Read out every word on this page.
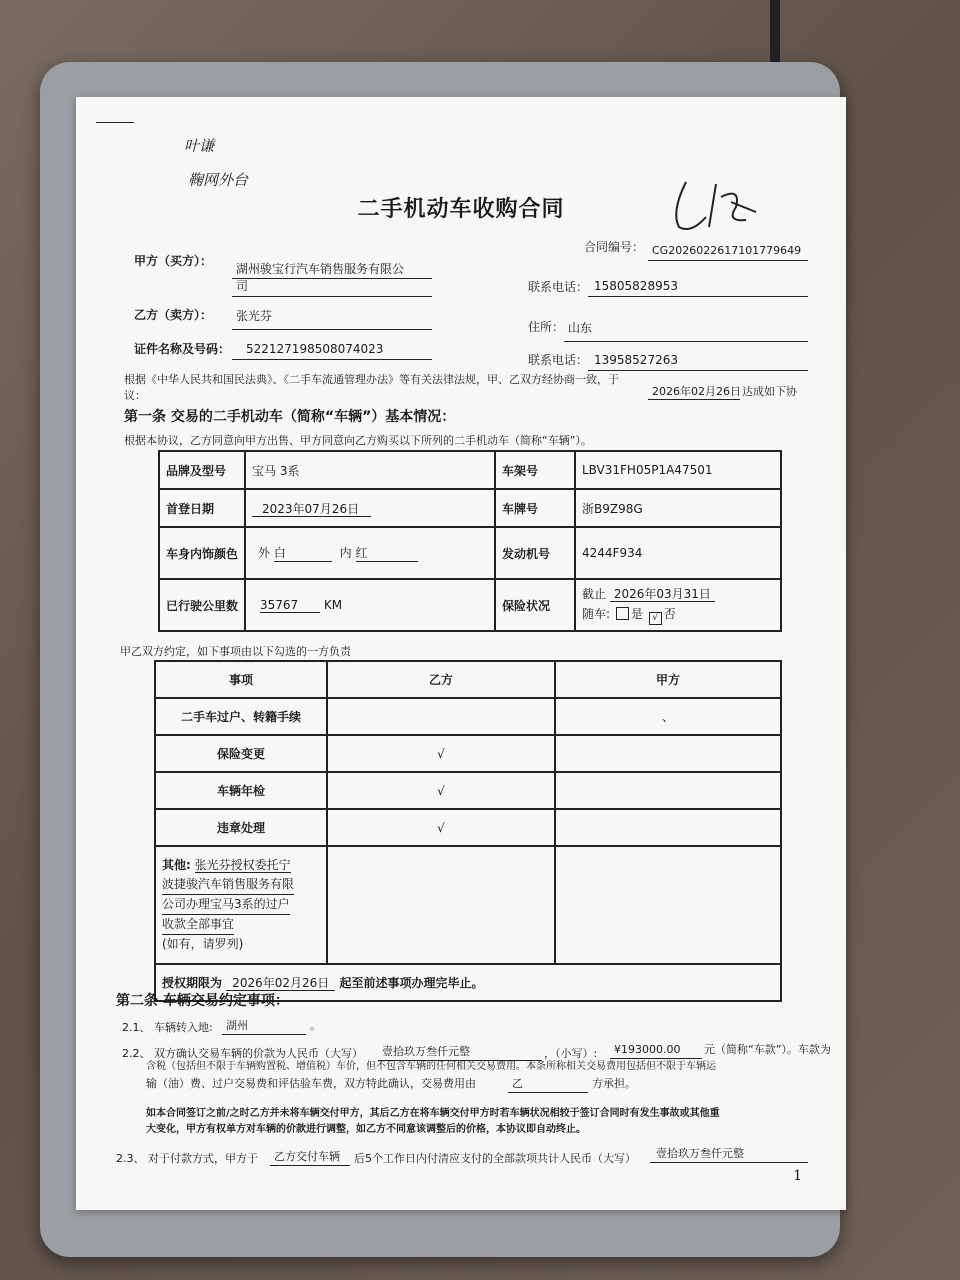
叶谦
鞠网外台
二手机动车收购合同
合同编号： CG202602261710177964​9
甲方（买方）：
湖州骏宝行汽车销售服务有限公
司	联系电话： 15805828953
乙方（卖方）： 张光芬
住所： 山东
证件名称及号码： 522127198508074023
联系电话： 13958527263
根据《中华人民共和国民法典》、《二手车流通管理办法》等有关法律法规，甲、乙双方经协商一致，于
2026年02月26日 达成如下协
议：
第一条 交易的二手机动车（简称“车辆”）基本情况：
根据本协议，乙方同意向甲方出售、甲方同意向乙方购买以下所列的二手机动车（简称“车辆”）。
品牌及型号	宝马 3系	车架号	LBV31FH05P1A47501
首登日期	2023年07月26日	车牌号	浙B9Z98G
车身内饰颜色	外 白 内 红	发动机号	4244F934
已行驶公里数	35767 KM	保险状况	截止 2026年03月31日
随车: 是 √ 否
甲乙双方约定，如下事项由以下勾选的一方负责
事项	乙方	甲方
二手车过户、转籍手续		、
保险变更	√	
车辆年检	√	
违章处理	√	

其他: 张光芬授权委托宁
波捷骏汽车销售服务有限
公司办理宝马3系的过户
收款全部事宜
(如有，请罗列)		

授权期限为 2026年02月26日 起至前述事项办理完毕止。		
第二条 车辆交易约定事项：
2.1、 车辆转入地: 湖州	。
2.2、 双方确认交易车辆的价款为人民币（大写） 壹拾玖万叁仟元整	，（小写）: ¥193000.00 元（简称“车款”）。车款为
含税（包括但不限于车辆购置税、增值税）车价，但不包含车辆的任何相关交易费用。本条所称相关交易费用包括但不限于车辆运
输（油）费、过户交易费和评估验车费，双方特此确认，交易费用由	乙	方承担。
如本合同签订之前/之时乙方并未将车辆交付甲方，其后乙方在将车辆交付甲方时若车辆状况相较于签订合同时有发生事故或其他重
大变化，甲方有权单方对车辆的价款进行调整，如乙方不同意该调整后的价格，本协议即自动终止。
2.3、 对于付款方式，甲方于 乙方交付车辆 后5个工作日内付清应支付的全部款项共计人民币（大写） 壹拾玖万叁仟元整
1
